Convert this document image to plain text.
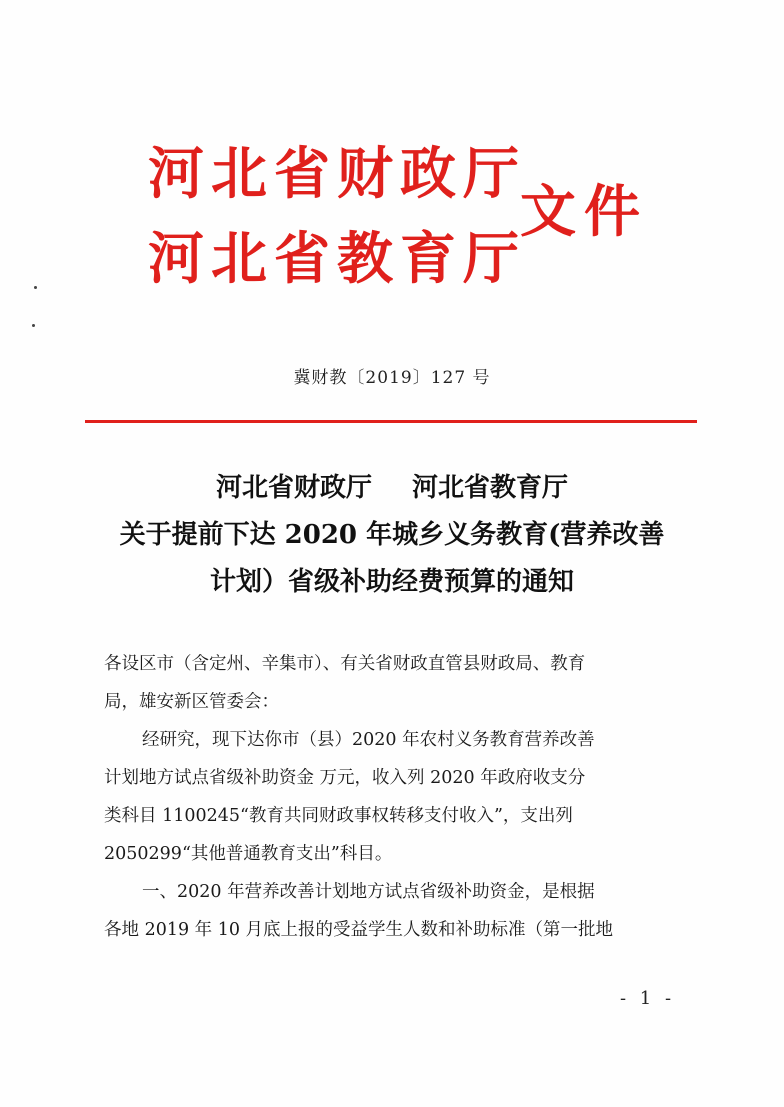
河北省财政厅
河北省教育厅
文件
冀财教〔2019〕127 号
河北省财政厅 河北省教育厅
关于提前下达 2020 年城乡义务教育(营养改善
计划）省级补助经费预算的通知
各设区市（含定州、辛集市）、有关省财政直管县财政局、教育
局，雄安新区管委会：
经研究，现下达你市（县）2020 年农村义务教育营养改善
计划地方试点省级补助资金 万元，收入列 2020 年政府收支分
类科目 1100245“教育共同财政事权转移支付收入”，支出列
2050299“其他普通教育支出”科目。
一、2020 年营养改善计划地方试点省级补助资金，是根据
各地 2019 年 10 月底上报的受益学生人数和补助标准（第一批地
- 1 -
